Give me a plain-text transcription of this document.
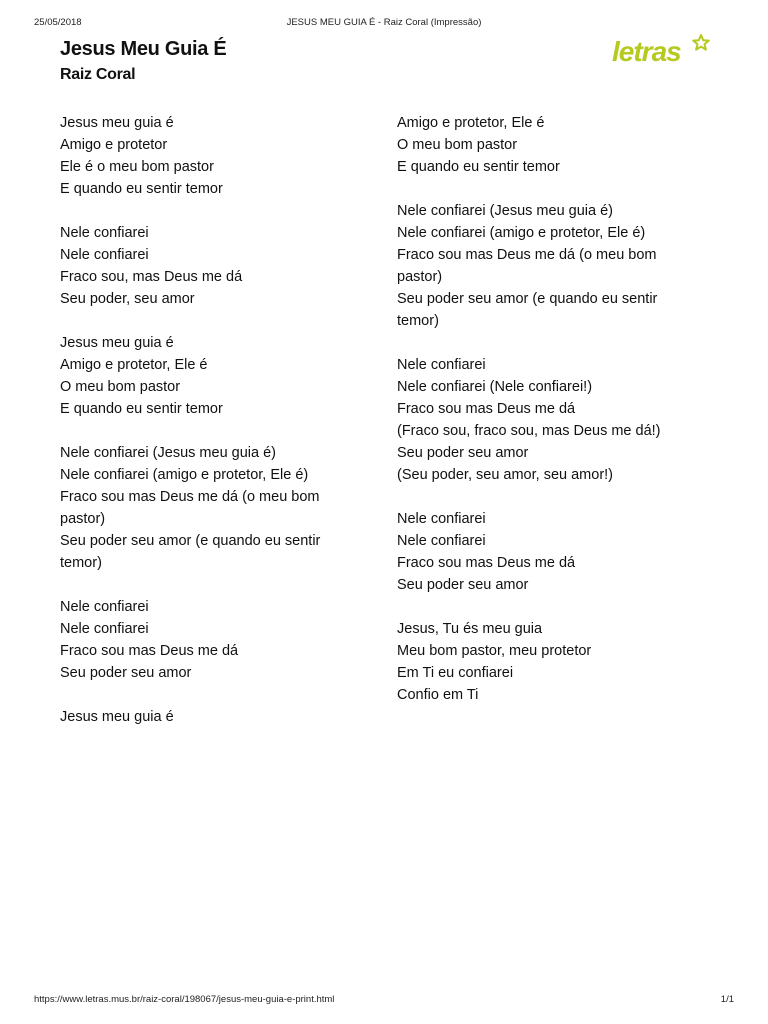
25/05/2018	JESUS MEU GUIA É - Raiz Coral (Impressão)
Jesus Meu Guia É
Raiz Coral
letras
Jesus meu guia é
Amigo e protetor
Ele é o meu bom pastor
E quando eu sentir temor
Nele confiarei
Nele confiarei
Fraco sou, mas Deus me dá
Seu poder, seu amor
Jesus meu guia é
Amigo e protetor, Ele é
O meu bom pastor
E quando eu sentir temor
Nele confiarei (Jesus meu guia é)
Nele confiarei (amigo e protetor, Ele é)
Fraco sou mas Deus me dá (o meu bom
pastor)
Seu poder seu amor (e quando eu sentir
temor)
Nele confiarei
Nele confiarei
Fraco sou mas Deus me dá
Seu poder seu amor
Jesus meu guia é
Amigo e protetor, Ele é
O meu bom pastor
E quando eu sentir temor
Nele confiarei (Jesus meu guia é)
Nele confiarei (amigo e protetor, Ele é)
Fraco sou mas Deus me dá (o meu bom
pastor)
Seu poder seu amor (e quando eu sentir
temor)
Nele confiarei
Nele confiarei (Nele confiarei!)
Fraco sou mas Deus me dá
(Fraco sou, fraco sou, mas Deus me dá!)
Seu poder seu amor
(Seu poder, seu amor, seu amor!)
Nele confiarei
Nele confiarei
Fraco sou mas Deus me dá
Seu poder seu amor
Jesus, Tu és meu guia
Meu bom pastor, meu protetor
Em Ti eu confiarei
Confio em Ti
https://www.letras.mus.br/raiz-coral/198067/jesus-meu-guia-e-print.html	1/1
